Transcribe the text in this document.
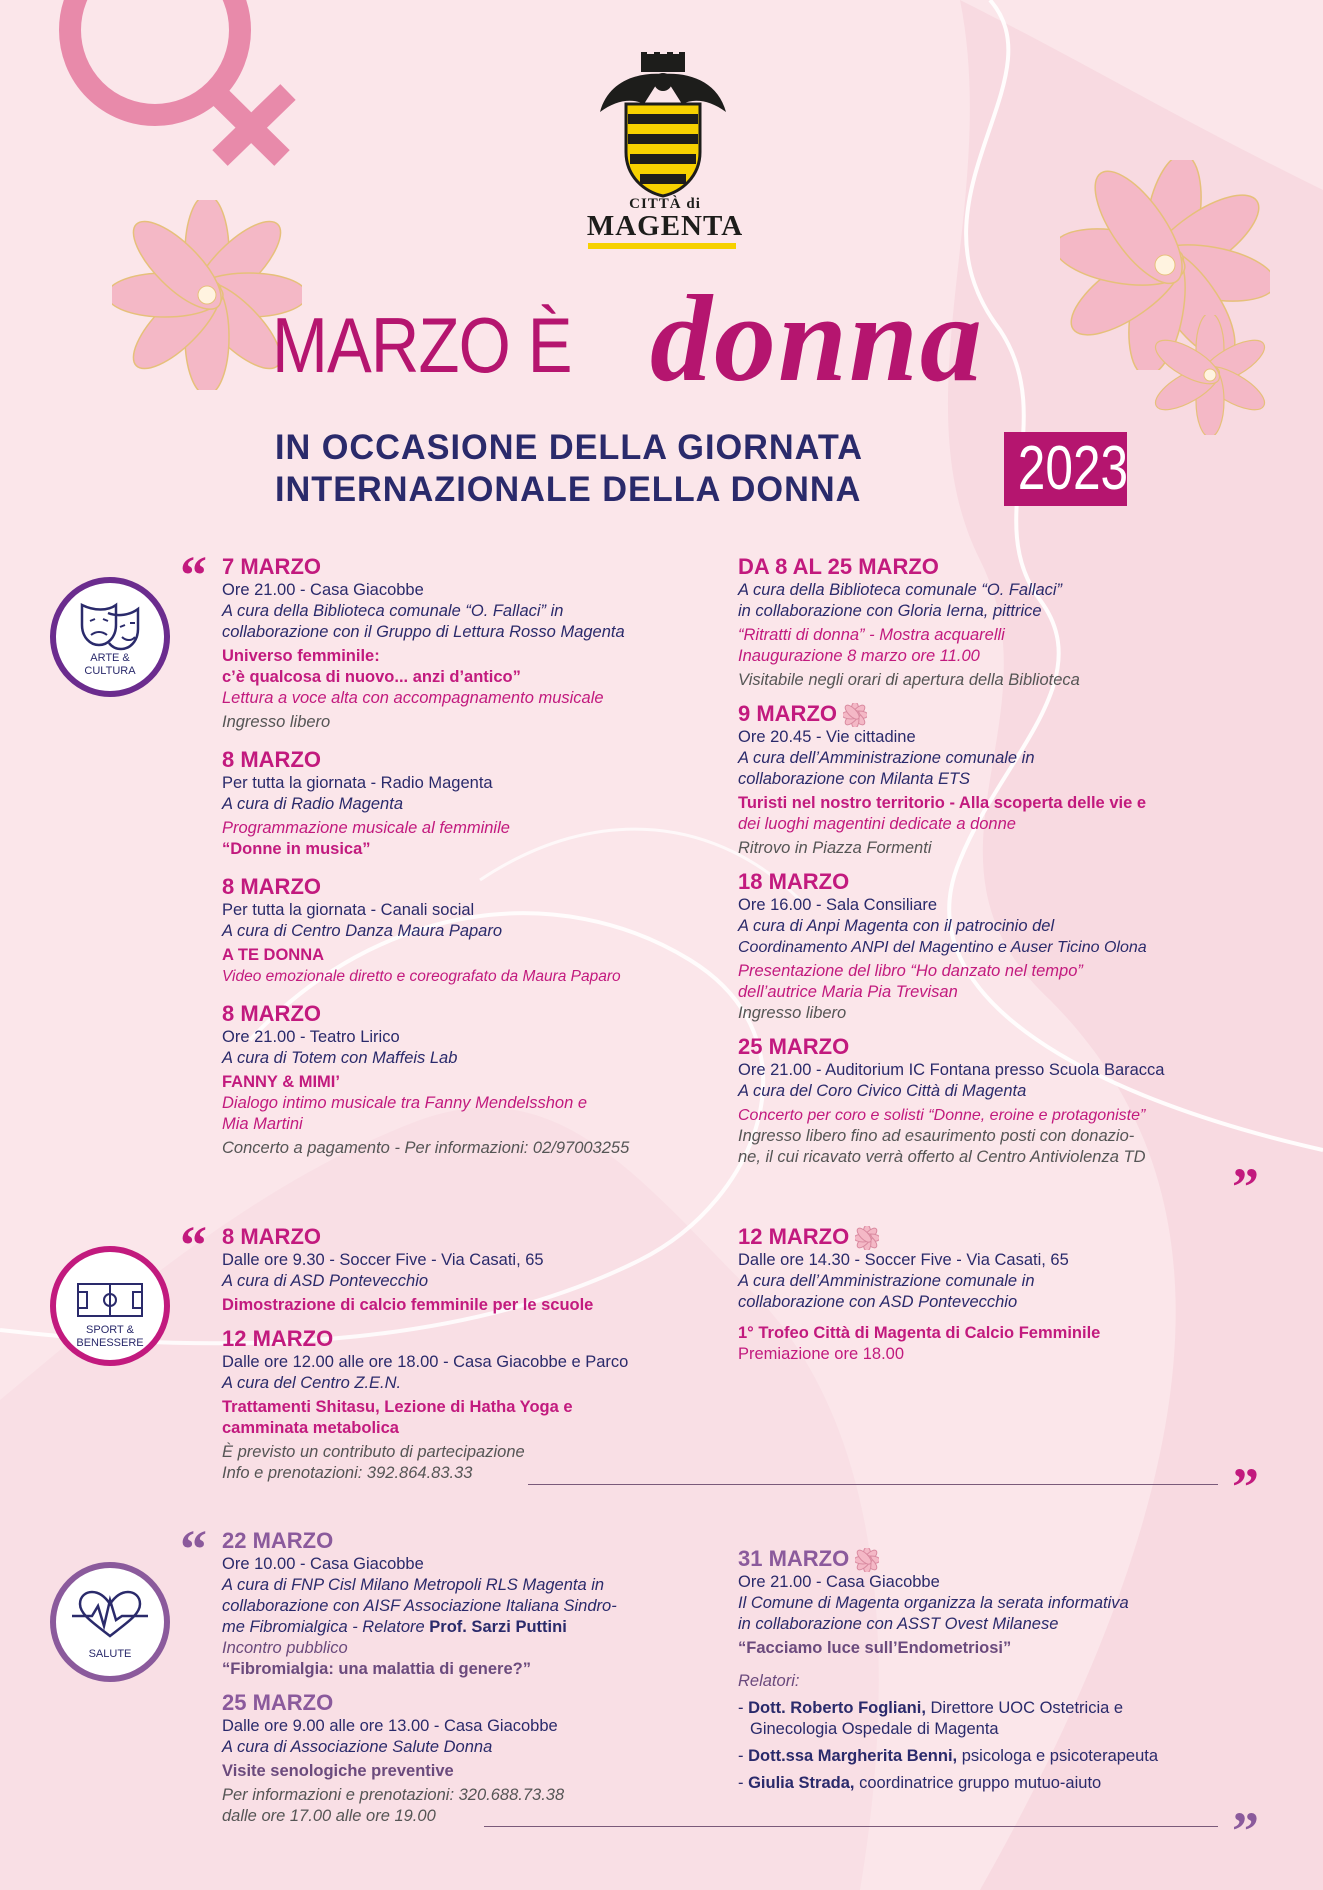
CITTÀ di
MAGENTA
MARZO È donna
IN OCCASIONE DELLA GIORNATA
INTERNAZIONALE DELLA DONNA	2023
ARTE &
CULTURA
“
”
7 MARZO
Ore 21.00 - Casa Giacobbe
A cura della Biblioteca comunale “O. Fallaci” in
collaborazione con il Gruppo di Lettura Rosso Magenta
Universo femminile:
c’è qualcosa di nuovo... anzi d’antico”
Lettura a voce alta con accompagnamento musicale
Ingresso libero
8 MARZO
Per tutta la giornata - Radio Magenta
A cura di Radio Magenta
Programmazione musicale al femminile
“Donne in musica”
8 MARZO
Per tutta la giornata - Canali social
A cura di Centro Danza Maura Paparo
A TE DONNA
Video emozionale diretto e coreografato da Maura Paparo
8 MARZO
Ore 21.00 - Teatro Lirico
A cura di Totem con Maffeis Lab
FANNY & MIMI’
Dialogo intimo musicale tra Fanny Mendelsshon e
Mia Martini
Concerto a pagamento - Per informazioni: 02/97003255
DA 8 AL 25 MARZO
A cura della Biblioteca comunale “O. Fallaci”
in collaborazione con Gloria Ierna, pittrice
“Ritratti di donna” - Mostra acquarelli
Inaugurazione 8 marzo ore 11.00
Visitabile negli orari di apertura della Biblioteca
9 MARZO
Ore 20.45 - Vie cittadine
A cura dell’Amministrazione comunale in
collaborazione con Milanta ETS
Turisti nel nostro territorio - Alla scoperta delle vie e
dei luoghi magentini dedicate a donne
Ritrovo in Piazza Formenti
18 MARZO
Ore 16.00 - Sala Consiliare
A cura di Anpi Magenta con il patrocinio del
Coordinamento ANPI del Magentino e Auser Ticino Olona
Presentazione del libro “Ho danzato nel tempo”
dell’autrice Maria Pia Trevisan
Ingresso libero
25 MARZO
Ore 21.00 - Auditorium IC Fontana presso Scuola Baracca
A cura del Coro Civico Città di Magenta
Concerto per coro e solisti “Donne, eroine e protagoniste”
Ingresso libero fino ad esaurimento posti con donazio-
ne, il cui ricavato verrà offerto al Centro Antiviolenza TD
SPORT &
BENESSERE
“
”
8 MARZO
Dalle ore 9.30 - Soccer Five - Via Casati, 65
A cura di ASD Pontevecchio
Dimostrazione di calcio femminile per le scuole
12 MARZO
Dalle ore 12.00 alle ore 18.00 - Casa Giacobbe e Parco
A cura del Centro Z.E.N.
Trattamenti Shitasu, Lezione di Hatha Yoga e
camminata metabolica
È previsto un contributo di partecipazione
Info e prenotazioni: 392.864.83.33
12 MARZO
Dalle ore 14.30 - Soccer Five - Via Casati, 65
A cura dell’Amministrazione comunale in
collaborazione con ASD Pontevecchio
1° Trofeo Città di Magenta di Calcio Femminile
Premiazione ore 18.00
SALUTE
“
”
22 MARZO
Ore 10.00 - Casa Giacobbe
A cura di FNP Cisl Milano Metropoli RLS Magenta in
collaborazione con AISF Associazione Italiana Sindro-
me Fibromialgica - Relatore Prof. Sarzi Puttini
Incontro pubblico
“Fibromialgia: una malattia di genere?”
25 MARZO
Dalle ore 9.00 alle ore 13.00 - Casa Giacobbe
A cura di Associazione Salute Donna
Visite senologiche preventive
Per informazioni e prenotazioni: 320.688.73.38
dalle ore 17.00 alle ore 19.00
31 MARZO
Ore 21.00 - Casa Giacobbe
Il Comune di Magenta organizza la serata informativa
in collaborazione con ASST Ovest Milanese
“Facciamo luce sull’Endometriosi”
Relatori:
- Dott. Roberto Fogliani, Direttore UOC Ostetricia e
Ginecologia Ospedale di Magenta
- Dott.ssa Margherita Benni, psicologa e psicoterapeuta
- Giulia Strada, coordinatrice gruppo mutuo-aiuto
